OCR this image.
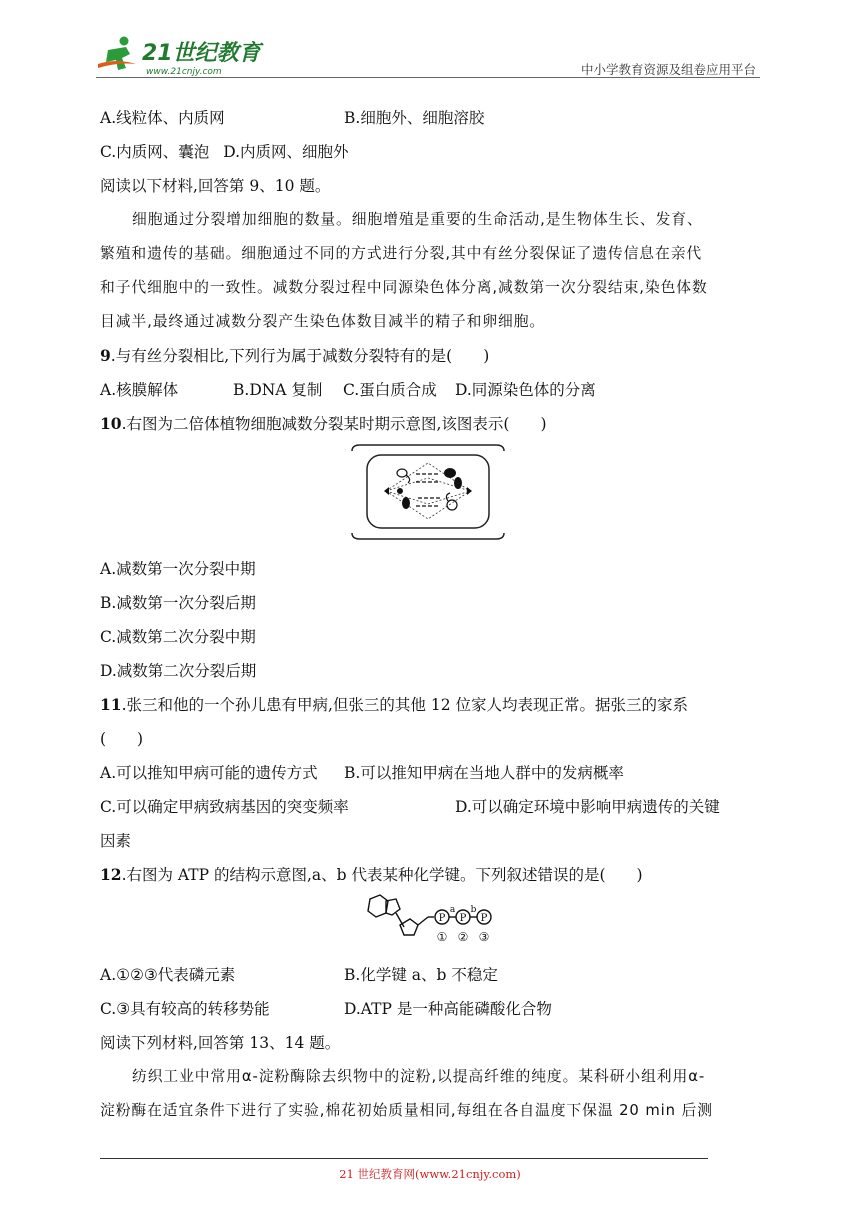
21世纪教育
www.21cnjy.com	中小学教育资源及组卷应用平台
A.线粒体、内质网	B.细胞外、细胞溶胶
C.内质网、囊泡 D.内质网、细胞外
阅读以下材料,回答第 9、10 题。
细胞通过分裂增加细胞的数量。细胞增殖是重要的生命活动,是生物体生长、发育、
繁殖和遗传的基础。细胞通过不同的方式进行分裂,其中有丝分裂保证了遗传信息在亲代
和子代细胞中的一致性。减数分裂过程中同源染色体分离,减数第一次分裂结束,染色体数
目减半,最终通过减数分裂产生染色体数目减半的精子和卵细胞。
9.与有丝分裂相比,下列行为属于减数分裂特有的是(　　)
A.核膜解体	B.DNA 复制 C.蛋白质合成 D.同源染色体的分离
10.右图为二倍体植物细胞减数分裂某时期示意图,该图表示(　　)
A.减数第一次分裂中期
B.减数第一次分裂后期
C.减数第二次分裂中期
D.减数第二次分裂后期
11.张三和他的一个孙儿患有甲病,但张三的其他 12 位家人均表现正常。据张三的家系
(　　)
A.可以推知甲病可能的遗传方式 B.可以推知甲病在当地人群中的发病概率
C.可以确定甲病致病基因的突变频率	D.可以确定环境中影响甲病遗传的关键
因素
12.右图为 ATP 的结构示意图,a、b 代表某种化学键。下列叙述错误的是(　　)
P P P
a b
① ② ③
A.①②③代表磷元素	B.化学键 a、b 不稳定
C.③具有较高的转移势能	D.ATP 是一种高能磷酸化合物
阅读下列材料,回答第 13、14 题。
纺织工业中常用α-淀粉酶除去织物中的淀粉,以提高纤维的纯度。某科研小组利用α-
淀粉酶在适宜条件下进行了实验,棉花初始质量相同,每组在各自温度下保温 20 min 后测
21 世纪教育网(www.21cnjy.com)
